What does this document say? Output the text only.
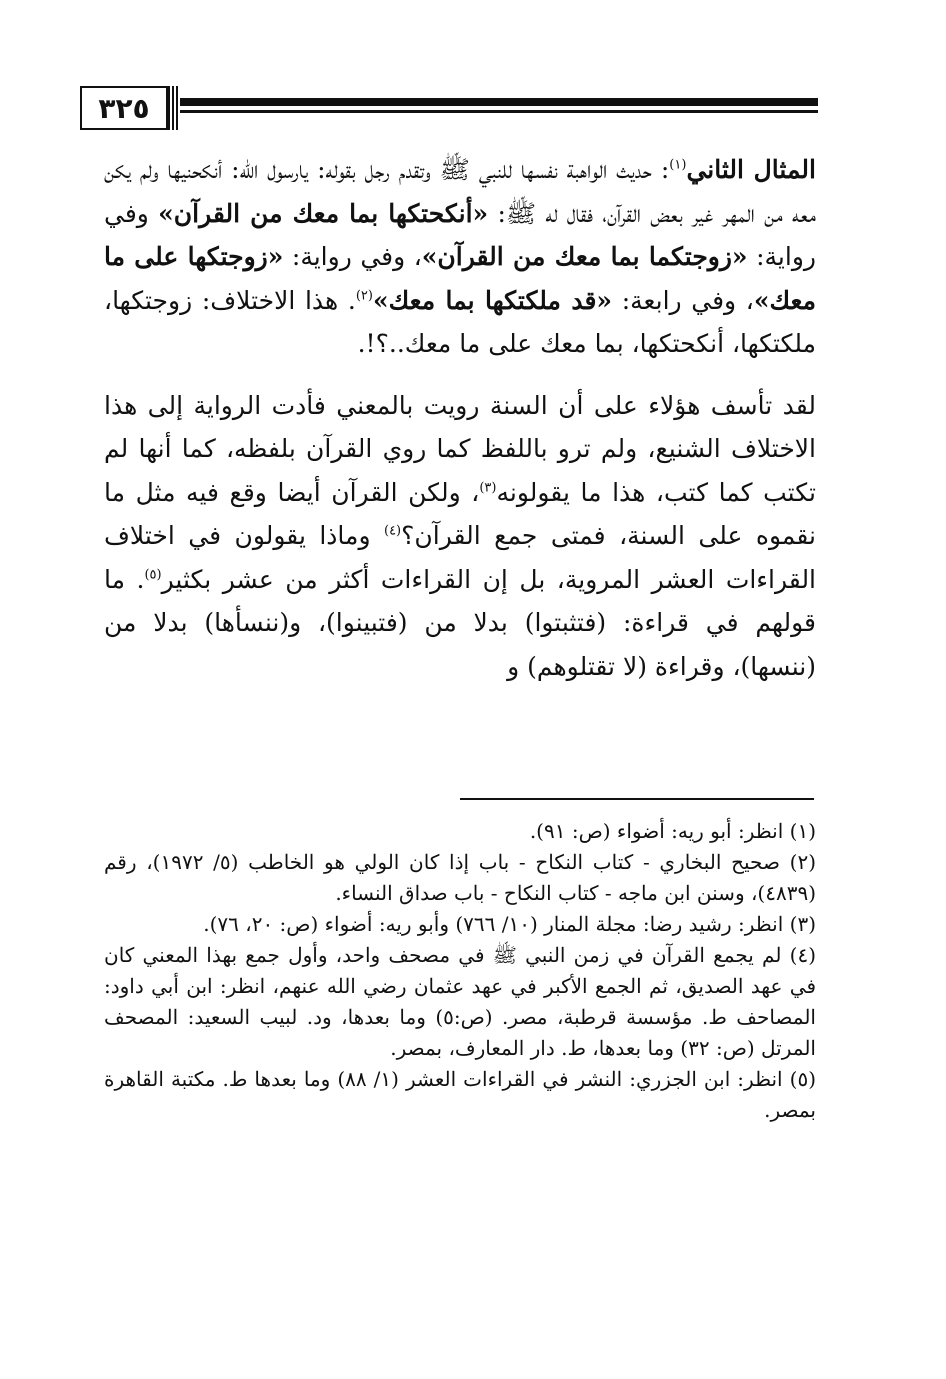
٣٢٥

المثال الثاني$^{(١)}$: حديث الواهبة نفسها للنبي ﷺ وتقدم رجل بقوله: يارسول الله: أنكحنيها ولم يكن معه من المهر غير بعض القرآن، فقال له ﷺ: «أنكحتكها بما معك من القرآن» وفي رواية: «زوجتكما بما معك من القرآن»، وفي رواية: «زوجتكها على ما معك»، وفي رابعة: «قد ملكتكها بما معك»$^{(٢)}$. هذا الاختلاف: زوجتكها، ملكتكها، أنكحتكها، بما معك على ما معك..؟!.

لقد تأسف هؤلاء على أن السنة رويت بالمعني فأدت الرواية إلى هذا الاختلاف الشنيع، ولم ترو باللفظ كما روي القرآن بلفظه، كما أنها لم تكتب كما كتب، هذا ما يقولونه$^{(٣)}$، ولكن القرآن أيضا وقع فيه مثل ما نقموه على السنة، فمتى جمع القرآن؟$^{(٤)}$ وماذا يقولون في اختلاف القراءات العشر المروية، بل إن القراءات أكثر من عشر بكثير$^{(٥)}$. ما قولهم في قراءة: (فتثبتوا) بدلا من (فتبينوا)، و(ننسأها) بدلا من (ننسها)، وقراءة (لا تقتلوهم) و

(١) انظر: أبو ريه: أضواء (ص: ٩١).

(٢) صحيح البخاري - كتاب النكاح - باب إذا كان الولي هو الخاطب (٥/ ١٩٧٢)، رقم (٤٨٣٩)، وسنن ابن ماجه - كتاب النكاح - باب صداق النساء.

(٣) انظر: رشيد رضا: مجلة المنار (١٠/ ٧٦٦) وأبو ريه: أضواء (ص: ٢٠، ٧٦).

(٤) لم يجمع القرآن في زمن النبي ﷺ في مصحف واحد، وأول جمع بهذا المعني كان في عهد الصديق، ثم الجمع الأكبر في عهد عثمان رضي الله عنهم، انظر: ابن أبي داود: المصاحف ط. مؤسسة قرطبة، مصر. (ص:٥) وما بعدها، ود. لبيب السعيد: المصحف المرتل (ص: ٣٢) وما بعدها، ط. دار المعارف، بمصر.

(٥) انظر: ابن الجزري: النشر في القراءات العشر (١/ ٨٨) وما بعدها ط. مكتبة القاهرة بمصر.
